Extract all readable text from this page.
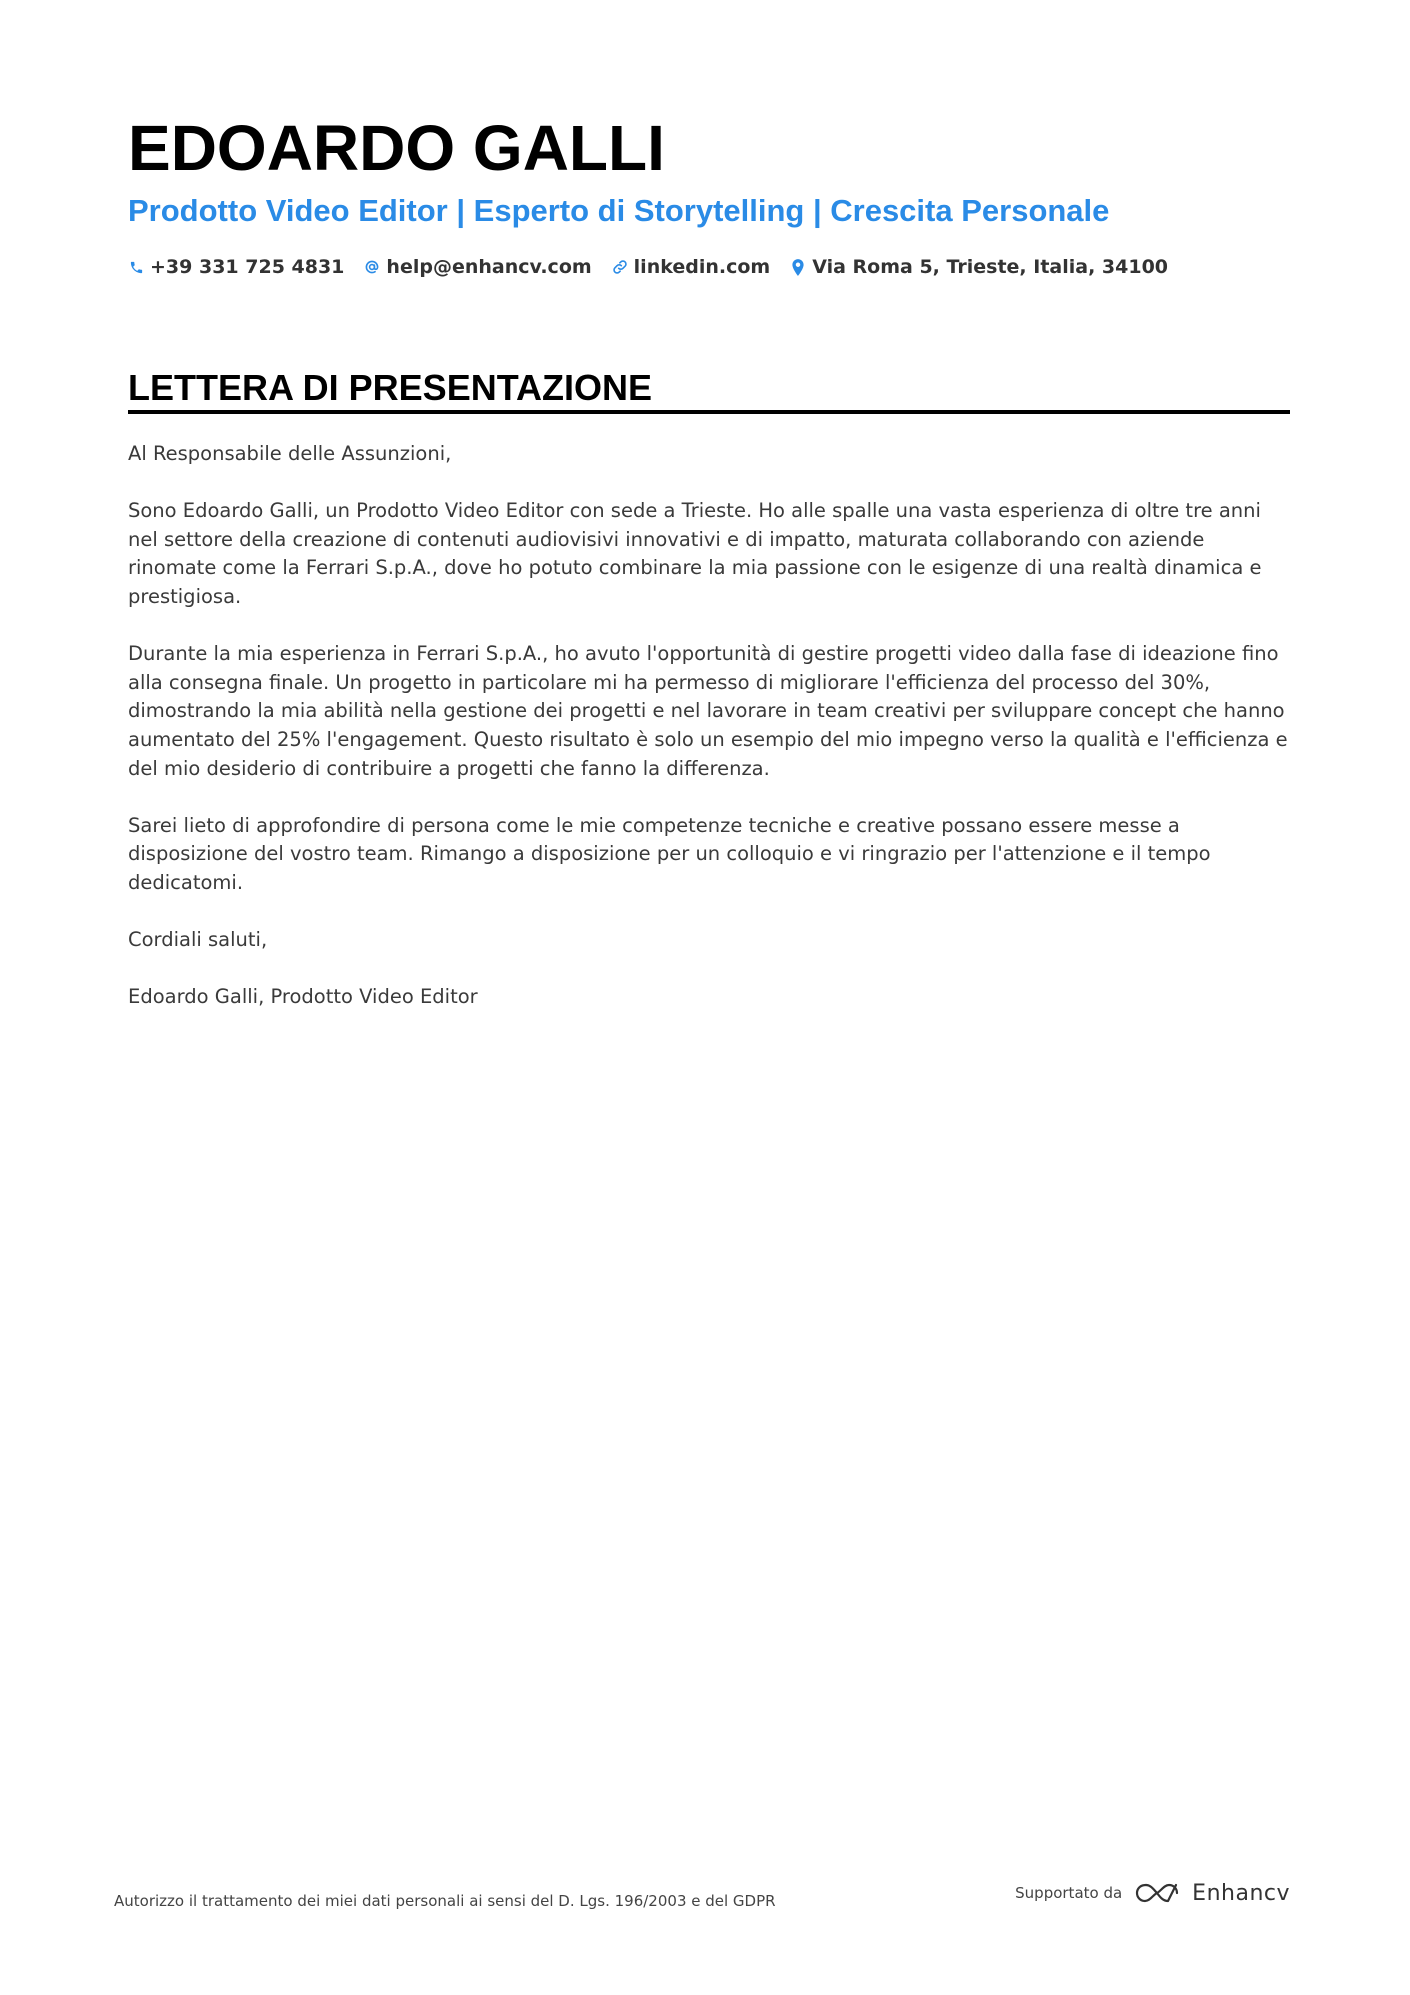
EDOARDO GALLI
Prodotto Video Editor | Esperto di Storytelling | Crescita Personale
+39 331 725 4831 help@enhancv.com linkedin.com Via Roma 5, Trieste, Italia, 34100
LETTERA DI PRESENTAZIONE

Al Responsabile delle Assunzioni,

Sono Edoardo Galli, un Prodotto Video Editor con sede a Trieste. Ho alle spalle una vasta esperienza di oltre tre anni nel settore della creazione di contenuti audiovisivi innovativi e di impatto, maturata collaborando con aziende rinomate come la Ferrari S.p.A., dove ho potuto combinare la mia passione con le esigenze di una realtà dinamica e prestigiosa.

Durante la mia esperienza in Ferrari S.p.A., ho avuto l'opportunità di gestire progetti video dalla fase di ideazione fino alla consegna finale. Un progetto in particolare mi ha permesso di migliorare l'efficienza del processo del 30%, dimostrando la mia abilità nella gestione dei progetti e nel lavorare in team creativi per sviluppare concept che hanno aumentato del 25% l'engagement. Questo risultato è solo un esempio del mio impegno verso la qualità e l'efficienza e del mio desiderio di contribuire a progetti che fanno la differenza.

Sarei lieto di approfondire di persona come le mie competenze tecniche e creative possano essere messe a disposizione del vostro team. Rimango a disposizione per un colloquio e vi ringrazio per l'attenzione e il tempo dedicatomi.

Cordiali saluti,

Edoardo Galli, Prodotto Video Editor

Autorizzo il trattamento dei miei dati personali ai sensi del D. Lgs. 196/2003 e del GDPR	Supportato da	Enhancv
